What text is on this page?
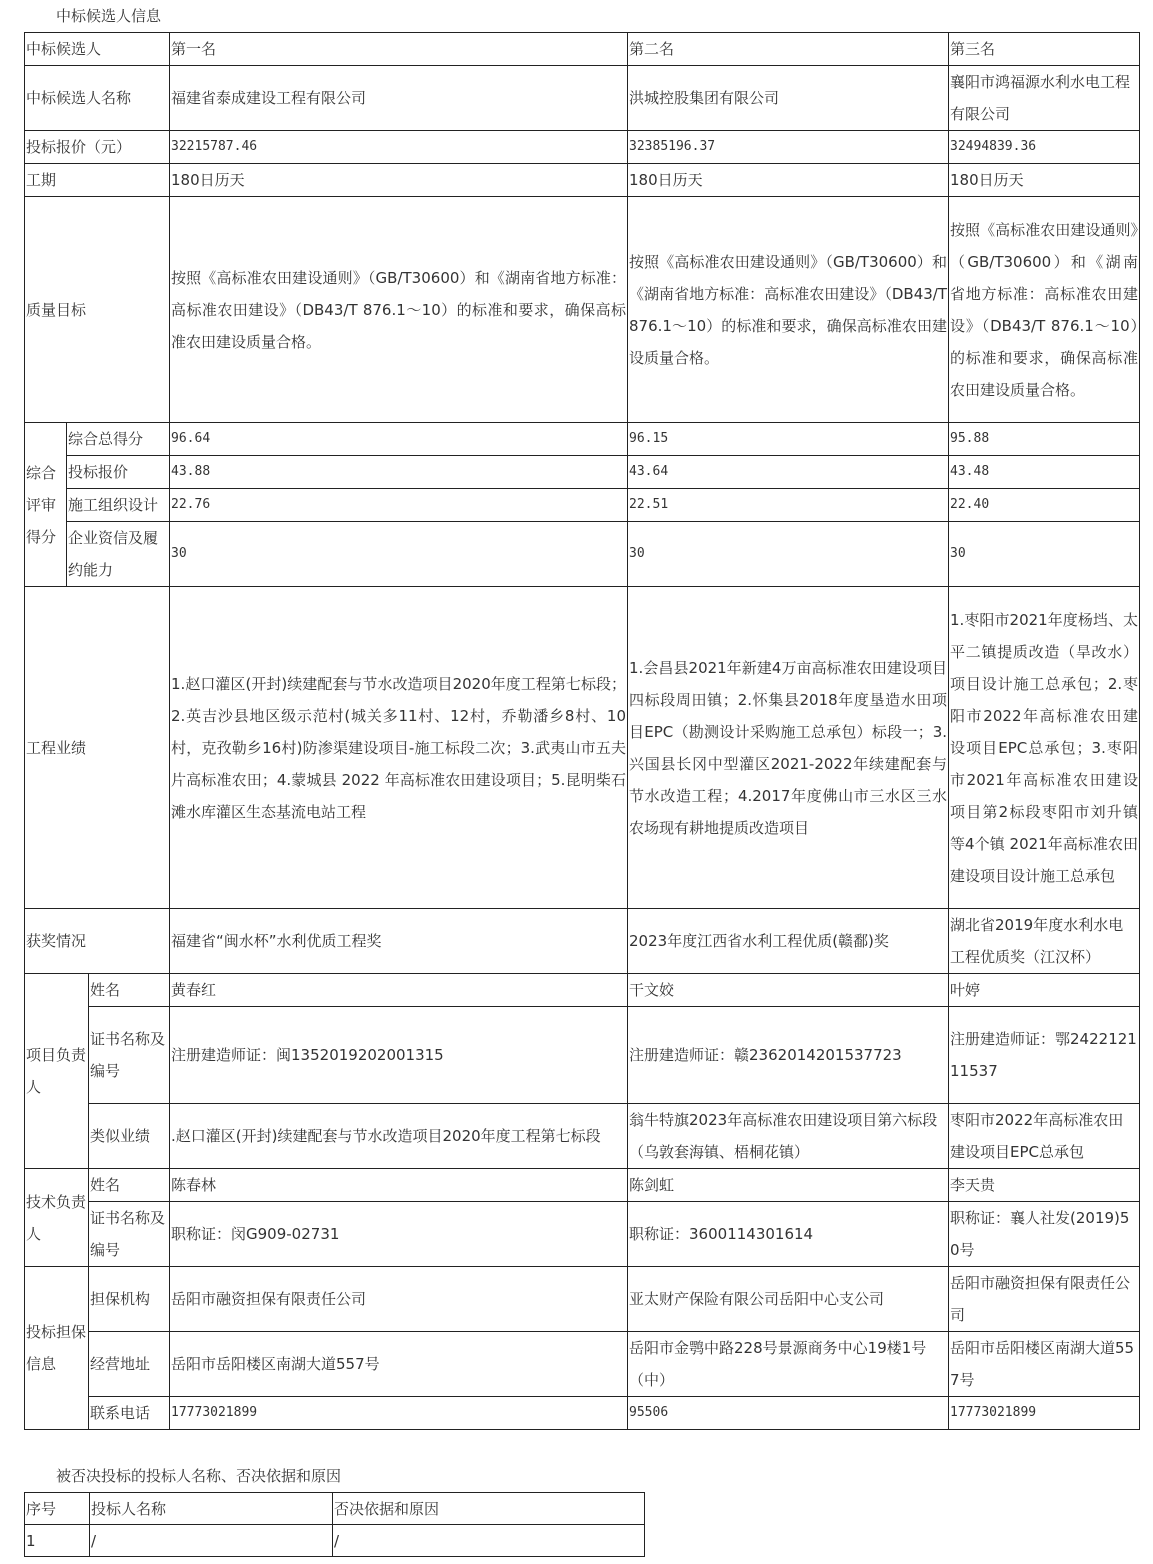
中标候选人信息
中标候选人			第一名	第二名	第三名
中标候选人名称			福建省泰成建设工程有限公司	洪城控股集团有限公司	襄阳市鸿福源水利水电工程有限公司
投标报价（元）			32215787.46	32385196.37	32494839.36
工期			180日历天	180日历天	180日历天
质量目标			按照《高标准农田建设通则》（GB/T30600）和《湖南省地方标准：高标准农田建设》（DB43/T 876.1～10）的标准和要求，确保高标准农田建设质量合格。	按照《高标准农田建设通则》（GB/T30600）和《湖南省地方标准：高标准农田建设》（DB43/T 876.1～10）的标准和要求，确保高标准农田建设质量合格。	按照《高标准农田建设通则》（GB/T30600）和《湖南省地方标准：高标准农田建设》（DB43/T 876.1～10）的标准和要求，确保高标准农田建设质量合格。
综合评审得分	综合总得分		96.64	96.15	95.88
	投标报价		43.88	43.64	43.48
	施工组织设计		22.76	22.51	22.40
	企业资信及履约能力		30	30	30
工程业绩			1.赵口灌区(开封)续建配套与节水改造项目2020年度工程第七标段；2.英吉沙县地区级示范村(城关多11村、12村，乔勒潘乡8村、10村，克孜勒乡16村)防渗渠建设项目-施工标段二次；3.武夷山市五夫片高标准农田；4.蒙城县 2022 年高标准农田建设项目；5.昆明柴石滩水库灌区生态基流电站工程	1.会昌县2021年新建4万亩高标准农田建设项目四标段周田镇；2.怀集县2018年度垦造水田项目EPC（勘测设计采购施工总承包）标段一；3.兴国县长冈中型灌区2021-2022年续建配套与节水改造工程；4.2017年度佛山市三水区三水农场现有耕地提质改造项目	1.枣阳市2021年度杨垱、太平二镇提质改造（旱改水）项目设计施工总承包；2.枣阳市2022年高标准农田建设项目EPC总承包；3.枣阳市2021年高标准农田建设项目第2标段枣阳市刘升镇等4个镇 2021年高标准农田建设项目设计施工总承包
获奖情况			福建省“闽水杯”水利优质工程奖	2023年度江西省水利工程优质(赣鄱)奖	湖北省2019年度水利水电工程优质奖（江汉杯）
项目负责人		姓名	黄春红	干文姣	叶婷
		证书名称及编号	注册建造师证：闽1352019202001315	注册建造师证：赣2362014201537723	注册建造师证：鄂242212111537
		类似业绩	.赵口灌区(开封)续建配套与节水改造项目2020年度工程第七标段	翁牛特旗2023年高标准农田建设项目第六标段（乌敦套海镇、梧桐花镇）	枣阳市2022年高标准农田建设项目EPC总承包
技术负责人		姓名	陈春林	陈剑虹	李天贵
		证书名称及编号	职称证：闵G909-02731	职称证：3600114301614	职称证：襄人社发(2019)50号
投标担保信息		担保机构	岳阳市融资担保有限责任公司	亚太财产保险有限公司岳阳中心支公司	岳阳市融资担保有限责任公司
		经营地址	岳阳市岳阳楼区南湖大道557号	岳阳市金鹗中路228号景源商务中心19楼1号（中）	岳阳市岳阳楼区南湖大道557号
		联系电话	17773021899	95506	17773021899
被否决投标的投标人名称、否决依据和原因
序号	投标人名称	否决依据和原因
1	/	/
